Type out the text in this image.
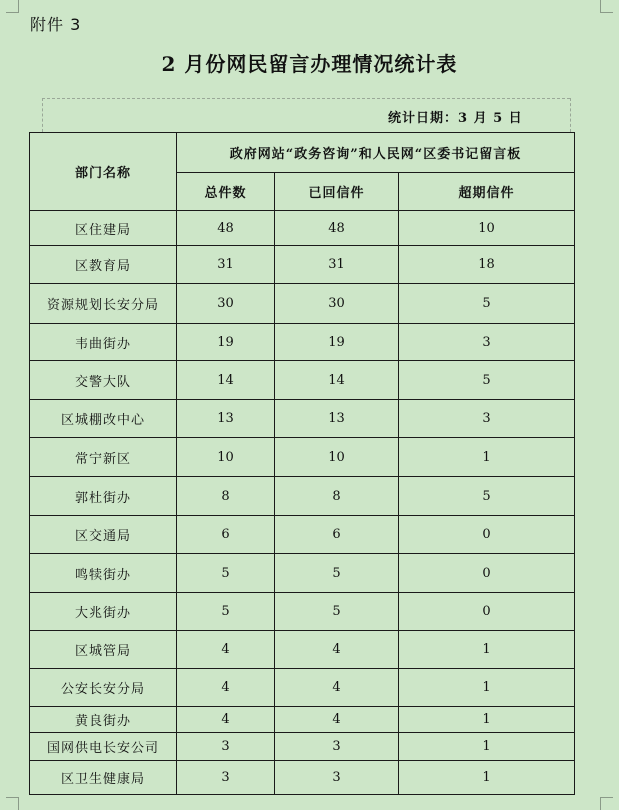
附件 3
2 月份网民留言办理情况统计表
统计日期：3 月 5 日
部门名称	政府网站“政务咨询”和人民网“区委书记留言板		
	总件数	已回信件	超期信件
区住建局	48	48	10
区教育局	31	31	18
资源规划长安分局	30	30	5
韦曲街办	19	19	3
交警大队	14	14	5
区城棚改中心	13	13	3
常宁新区	10	10	1
郭杜街办	8	8	5
区交通局	6	6	0
鸣犊街办	5	5	0
大兆街办	5	5	0
区城管局	4	4	1
公安长安分局	4	4	1
黄良街办	4	4	1
国网供电长安公司	3	3	1
区卫生健康局	3	3	1
